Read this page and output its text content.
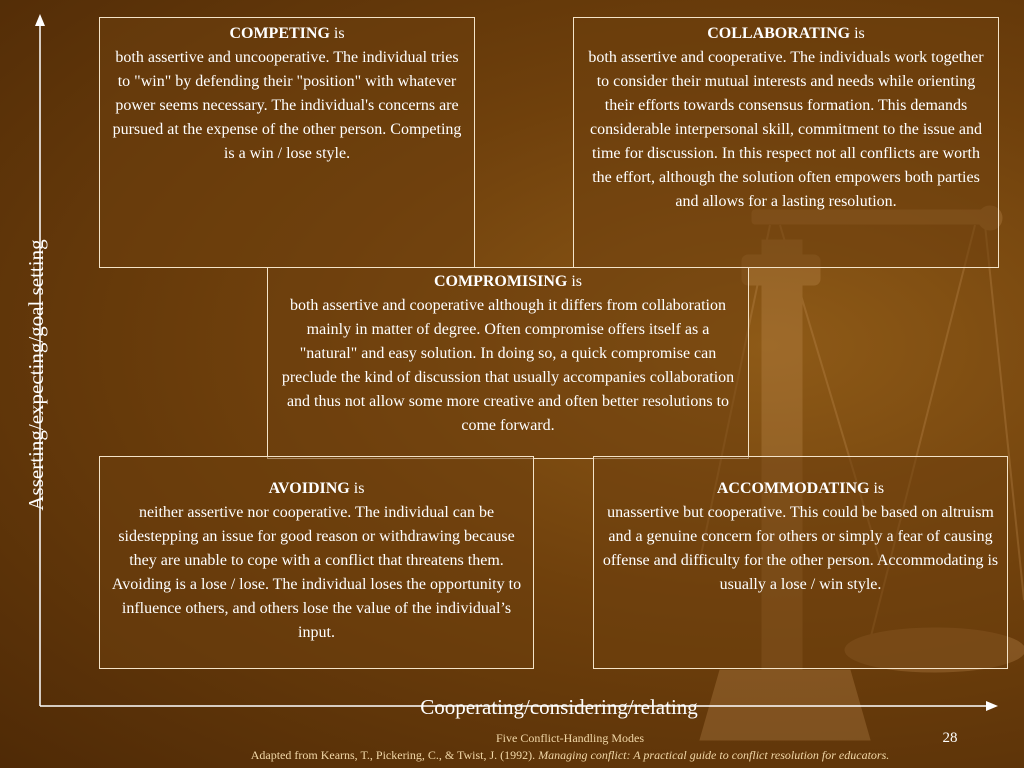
Asserting/expecting/goal setting
Cooperating/considering/relating
COMPETING is
both assertive and uncooperative. The individual tries to "win" by defending their "position" with whatever power seems necessary. The individual's concerns are pursued at the expense of the other person. Competing is a win / lose style.
COLLABORATING is
both assertive and cooperative. The individuals work together to consider their mutual interests and needs while orienting their efforts towards consensus formation. This demands considerable interpersonal skill, commitment to the issue and time for discussion. In this respect not all conflicts are worth the effort, although the solution often empowers both parties and allows for a lasting resolution.
COMPROMISING is
both assertive and cooperative although it differs from collaboration mainly in matter of degree. Often compromise offers itself as a "natural" and easy solution. In doing so, a quick compromise can preclude the kind of discussion that usually accompanies collaboration and thus not allow some more creative and often better resolutions to come forward.
AVOIDING is
neither assertive nor cooperative. The individual can be sidestepping an issue for good reason or withdrawing because they are unable to cope with a conflict that threatens them. Avoiding is a lose / lose. The individual loses the opportunity to influence others, and others lose the value of the individual’s input.
ACCOMMODATING is
unassertive but cooperative. This could be based on altruism and a genuine concern for others or simply a fear of causing offense and difficulty for the other person. Accommodating is usually a lose / win style.
Five Conflict-Handling Modes	28
Adapted from Kearns, T., Pickering, C., & Twist, J. (1992). Managing conflict: A practical guide to conflict resolution for educators.
